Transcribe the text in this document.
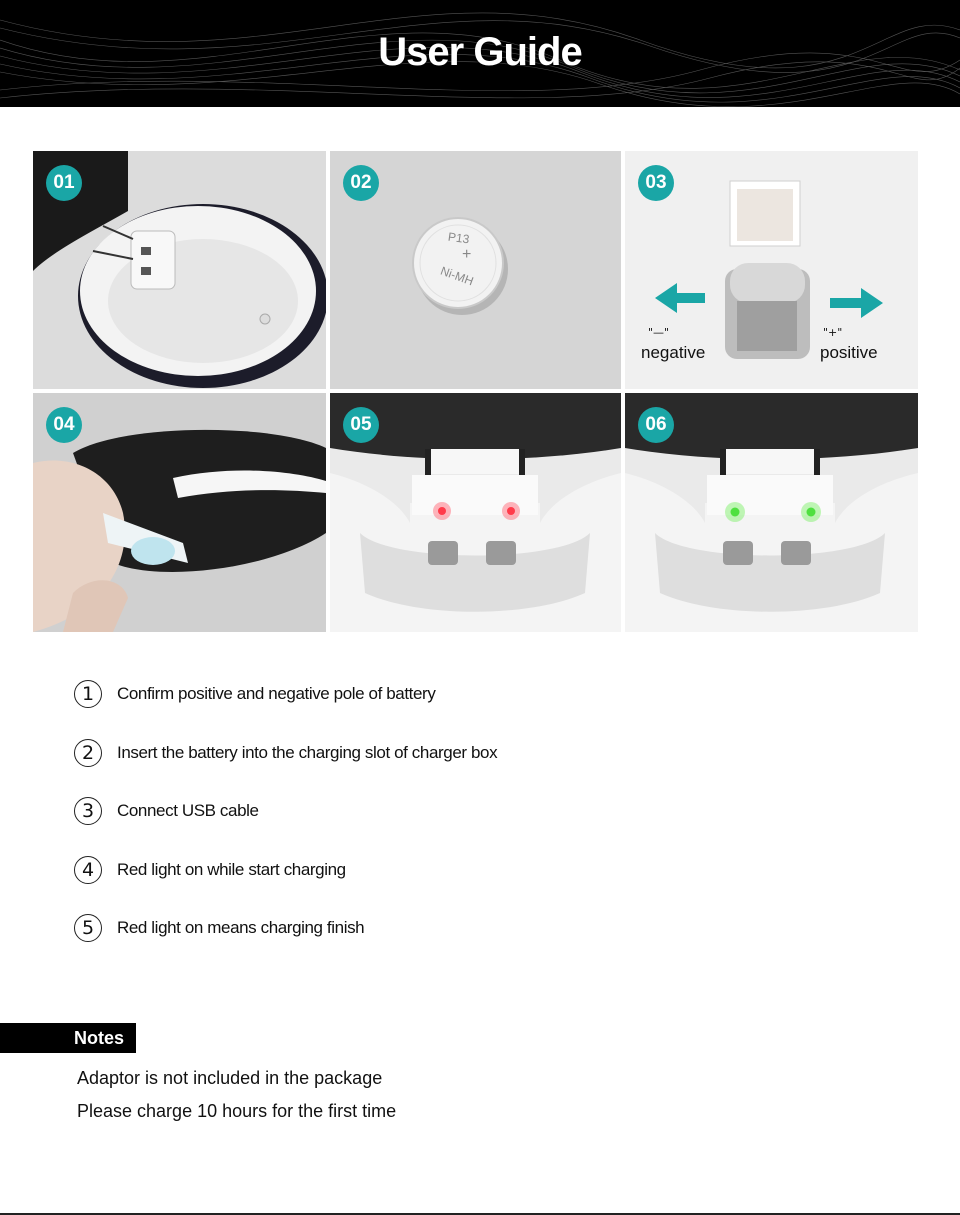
User Guide
01
P13
+
Ni-MH
02
"—"
negative
"+"
positive
03
04	05	06
1	Confirm positive and negative pole of battery
2	Insert the battery into the charging slot of charger box
3	Connect USB cable
4	Red light on while start charging
5	Red light on means charging finish
Notes
Adaptor is not included in the package
Please charge 10 hours for the first time
